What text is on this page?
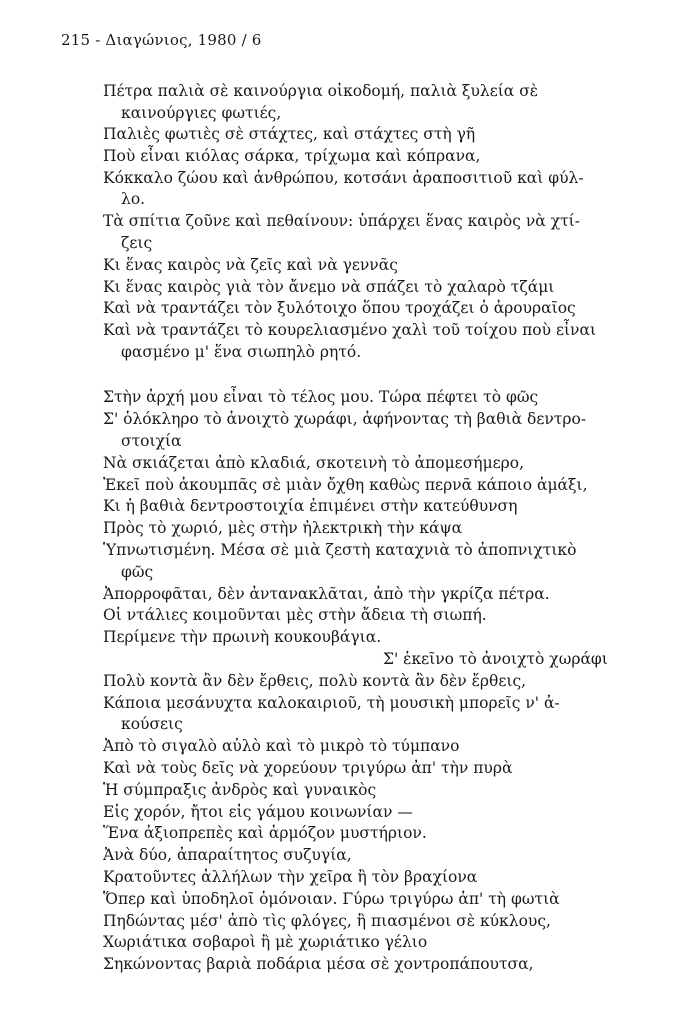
215 - Διαγώνιος, 1980 / 6
Πέτρα παλιὰ σὲ καινούργια οἰκοδομή, παλιὰ ξυλεία σὲ
καινούργιες φωτιές,
Παλιὲς φωτιὲς σὲ στάχτες, καὶ στάχτες στὴ γῆ
Ποὺ εἶναι κιόλας σάρκα, τρίχωμα καὶ κόπρανα,
Κόκκαλο ζώου καὶ ἀνθρώπου, κοτσάνι ἀραποσιτιοῦ καὶ φύλ-
λο.
Τὰ σπίτια ζοῦνε καὶ πεθαίνουν: ὑπάρχει ἕνας καιρὸς νὰ χτί-
ζεις
Κι ἕνας καιρὸς νὰ ζεῖς καὶ νὰ γεννᾶς
Κι ἕνας καιρὸς γιὰ τὸν ἄνεμο νὰ σπάζει τὸ χαλαρὸ τζάμι
Καὶ νὰ τραντάζει τὸν ξυλότοιχο ὅπου τροχάζει ὁ ἀρουραῖος
Καὶ νὰ τραντάζει τὸ κουρελιασμένο χαλὶ τοῦ τοίχου ποὺ εἶναι
φασμένο μ' ἕνα σιωπηλὸ ρητό.
Στὴν ἀρχή μου εἶναι τὸ τέλος μου. Τώρα πέφτει τὸ φῶς
Σ' ὁλόκληρο τὸ ἀνοιχτὸ χωράφι, ἀφήνοντας τὴ βαθιὰ δεντρο-
στοιχία
Νὰ σκιάζεται ἀπὸ κλαδιά, σκοτεινὴ τὸ ἀπομεσήμερο,
Ἐκεῖ ποὺ ἀκουμπᾶς σὲ μιὰν ὄχθη καθὼς περνᾶ κάποιο ἁμάξι,
Κι ἡ βαθιὰ δεντροστοιχία ἐπιμένει στὴν κατεύθυνση
Πρὸς τὸ χωριό, μὲς στὴν ἠλεκτρικὴ τὴν κάψα
Ὑπνωτισμένη. Μέσα σὲ μιὰ ζεστὴ καταχνιὰ τὸ ἀποπνιχτικὸ
φῶς
Ἀπορροφᾶται, δὲν ἀντανακλᾶται, ἀπὸ τὴν γκρίζα πέτρα.
Οἱ ντάλιες κοιμοῦνται μὲς στὴν ἄδεια τὴ σιωπή.
Περίμενε τὴν πρωινὴ κουκουβάγια.
Σ' ἐκεῖνο τὸ ἀνοιχτὸ χωράφι
Πολὺ κοντὰ ἂν δὲν ἔρθεις, πολὺ κοντὰ ἂν δὲν ἔρθεις,
Κάποια μεσάνυχτα καλοκαιριοῦ, τὴ μουσικὴ μπορεῖς ν' ἀ-
κούσεις
Ἀπὸ τὸ σιγαλὸ αὐλὸ καὶ τὸ μικρὸ τὸ τύμπανο
Καὶ νὰ τοὺς δεῖς νὰ χορεύουν τριγύρω ἀπ' τὴν πυρὰ
Ἡ σύμπραξις ἀνδρὸς καὶ γυναικὸς
Εἰς χορόν, ἤτοι εἰς γάμου κοινωνίαν —
Ἕνα ἀξιοπρεπὲς καὶ ἁρμόζον μυστήριον.
Ἀνὰ δύο, ἀπαραίτητος συζυγία,
Κρατοῦντες ἀλλήλων τὴν χεῖρα ἢ τὸν βραχίονα
Ὅπερ καὶ ὑποδηλοῖ ὁμόνοιαν. Γύρω τριγύρω ἀπ' τὴ φωτιὰ
Πηδώντας μέσ' ἀπὸ τὶς φλόγες, ἢ πιασμένοι σὲ κύκλους,
Χωριάτικα σοβαροὶ ἢ μὲ χωριάτικο γέλιο
Σηκώνοντας βαριὰ ποδάρια μέσα σὲ χοντροπάπουτσα,
